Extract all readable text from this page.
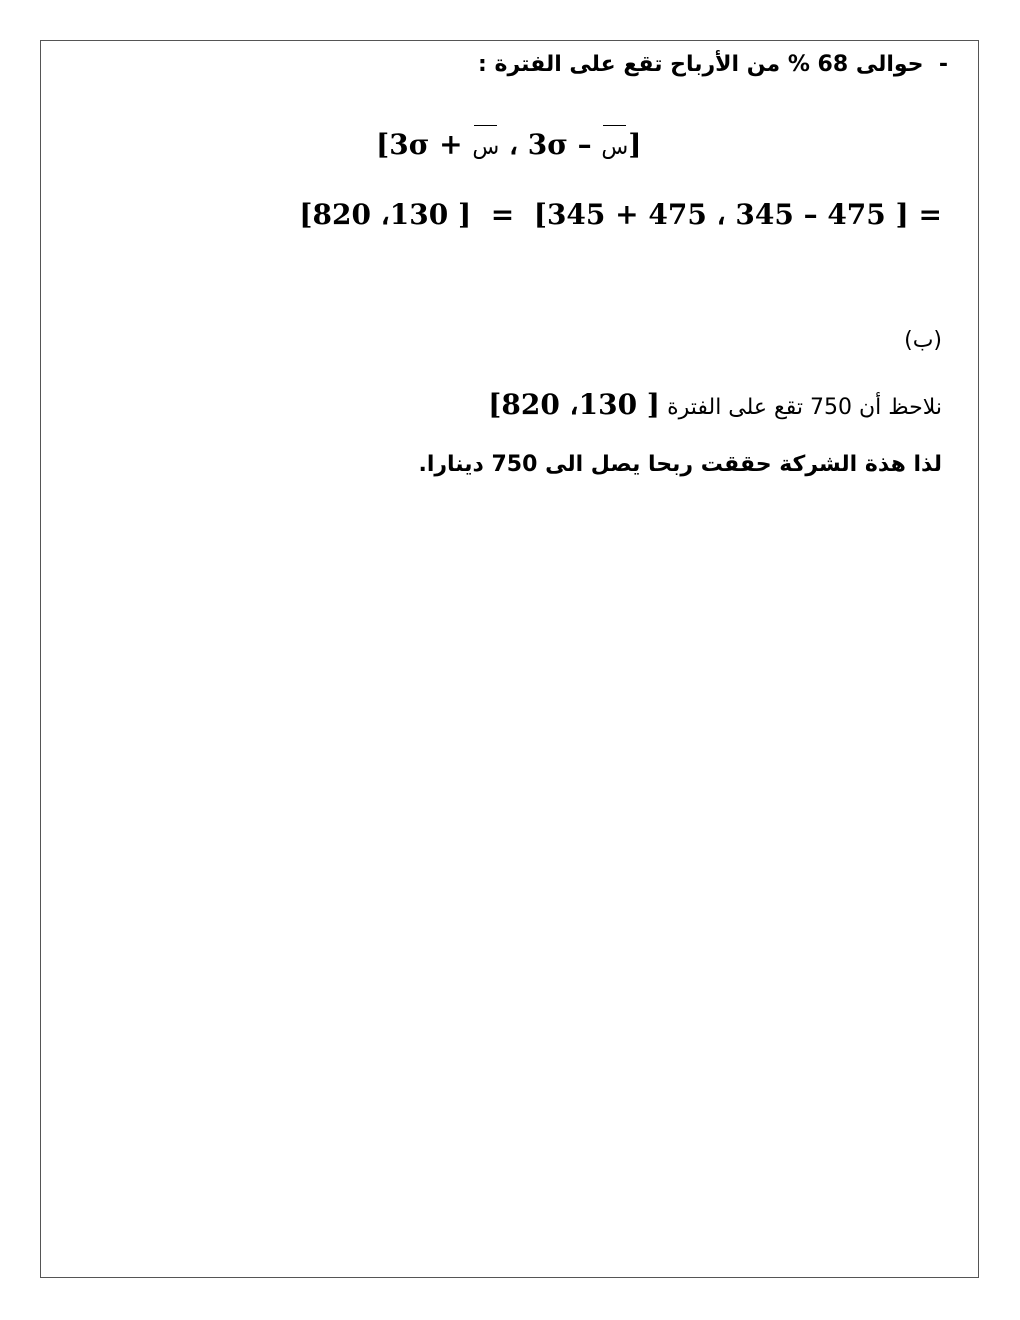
-  حوالى 68 % من الأرباح تقع على الفترة :
[3σ + س ، 3σ – س]
= [ 475 – 345 ، 475 + 345]  =  [ 130، 820]
(ب)
نلاحظ أن 750 تقع على الفترة [ 130، 820]
لذا هذة الشركة حققت ربحا يصل الى 750 دينارا.
